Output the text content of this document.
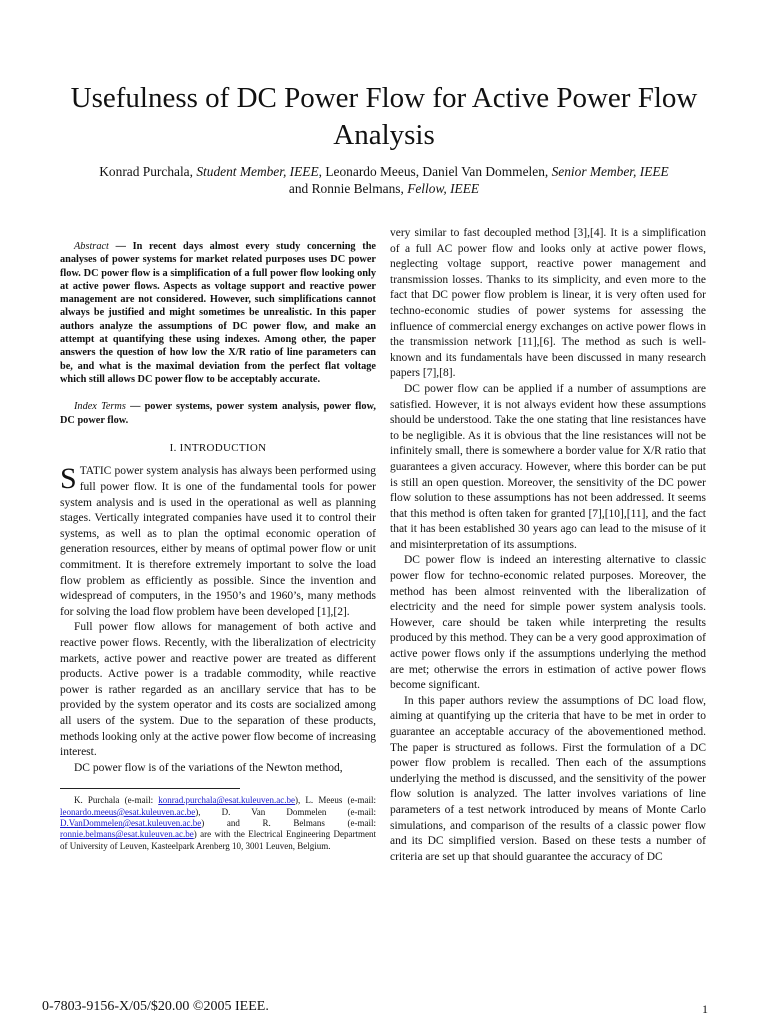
Usefulness of DC Power Flow for Active Power Flow Analysis
Konrad Purchala, Student Member, IEEE, Leonardo Meeus, Daniel Van Dommelen, Senior Member, IEEE and Ronnie Belmans, Fellow, IEEE
Abstract — In recent days almost every study concerning the analyses of power systems for market related purposes uses DC power flow. DC power flow is a simplification of a full power flow looking only at active power flows. Aspects as voltage support and reactive power management are not considered. However, such simplifications cannot always be justified and might sometimes be unrealistic. In this paper authors analyze the assumptions of DC power flow, and make an attempt at quantifying these using indexes. Among other, the paper answers the question of how low the X/R ratio of line parameters can be, and what is the maximal deviation from the perfect flat voltage which still allows DC power flow to be acceptably accurate.
Index Terms — power systems, power system analysis, power flow, DC power flow.
I. INTRODUCTION

STATIC power system analysis has always been performed using full power flow. It is one of the fundamental tools for power system analysis and is used in the operational as well as planning stages. Vertically integrated companies have used it to control their systems, as well as to plan the optimal economic operation of generation resources, either by means of optimal power flow or unit commitment. It is therefore extremely important to solve the load flow problem as efficiently as possible. Since the invention and widespread of computers, in the 1950’s and 1960’s, many methods for solving the load flow problem have been developed [1],[2].

Full power flow allows for management of both active and reactive power flows. Recently, with the liberalization of electricity markets, active power and reactive power are treated as different products. Active power is a tradable commodity, while reactive power is rather regarded as an ancillary service that has to be provided by the system operator and its costs are socialized among all users of the system. Due to the separation of these products, methods looking only at the active power flow become of increasing interest.

DC power flow is of the variations of the Newton method,

K. Purchala (e-mail: konrad.purchala@esat.kuleuven.ac.be), L. Meeus (e-mail: leonardo.meeus@esat.kuleuven.ac.be), D. Van Dommelen (e-mail: D.VanDommelen@esat.kuleuven.ac.be) and R. Belmans (e-mail: ronnie.belmans@esat.kuleuven.ac.be) are with the Electrical Engineering Department of University of Leuven, Kasteelpark Arenberg 10, 3001 Leuven, Belgium.

very similar to fast decoupled method [3],[4]. It is a simplification of a full AC power flow and looks only at active power flows, neglecting voltage support, reactive power management and transmission losses. Thanks to its simplicity, and even more to the fact that DC power flow problem is linear, it is very often used for techno-economic studies of power systems for assessing the influence of commercial energy exchanges on active power flows in the transmission network [11],[6]. The method as such is well-known and its fundamentals have been discussed in many research papers [7],[8].

DC power flow can be applied if a number of assumptions are satisfied. However, it is not always evident how these assumptions should be understood. Take the one stating that line resistances have to be negligible. As it is obvious that the line resistances will not be infinitely small, there is somewhere a border value for X/R ratio that guarantees a given accuracy. However, where this border can be put is still an open question. Moreover, the sensitivity of the DC power flow solution to these assumptions has not been addressed. It seems that this method is often taken for granted [7],[10],[11], and the fact that it has been established 30 years ago can lead to the misuse of it and misinterpretation of its assumptions.

DC power flow is indeed an interesting alternative to classic power flow for techno-economic related purposes. Moreover, the method has been almost reinvented with the liberalization of electricity and the need for simple power system analysis tools. However, care should be taken while interpreting the results produced by this method. They can be a very good approximation of active power flows only if the assumptions underlying the method are met; otherwise the errors in estimation of active power flows become significant.

In this paper authors review the assumptions of DC load flow, aiming at quantifying up the criteria that have to be met in order to guarantee an acceptable accuracy of the abovementioned method. The paper is structured as follows. First the formulation of a DC power flow problem is recalled. Then each of the assumptions underlying the method is discussed, and the sensitivity of the power flow solution is analyzed. The latter involves variations of line parameters of a test network introduced by means of Monte Carlo simulations, and comparison of the results of a classic power flow and its DC simplified version. Based on these tests a number of criteria are set up that should guarantee the accuracy of DC

0-7803-9156-X/05/$20.00 ©2005 IEEE.	1
